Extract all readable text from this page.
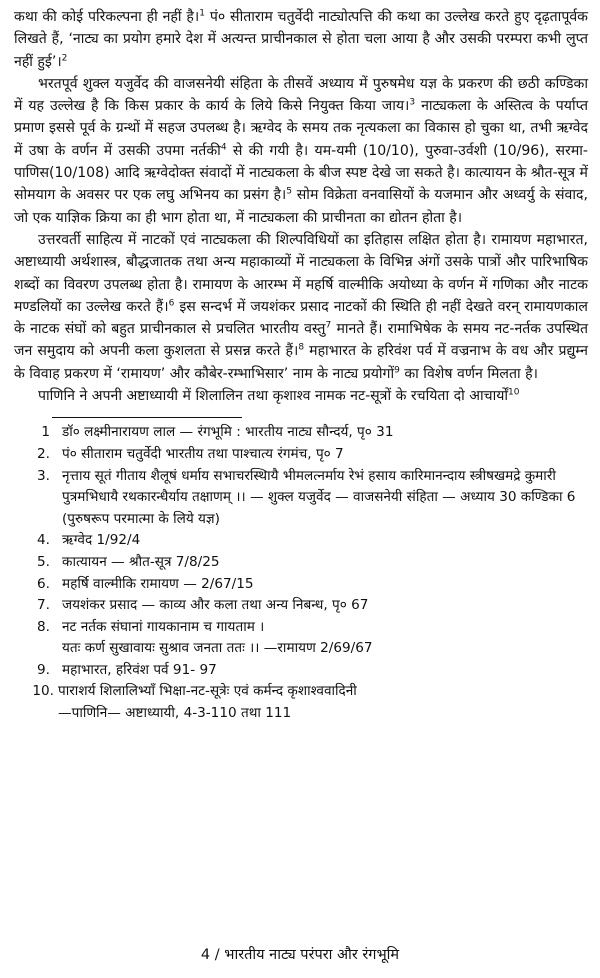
कथा की कोई परिकल्पना ही नहीं है।$^1$ पं० सीताराम चतुर्वेदी नाट्योत्पत्ति की कथा का उल्लेख करते हुए दृढ़तापूर्वक लिखते हैं, ‘नाट्य का प्रयोग हमारे देश में अत्यन्त प्राचीनकाल से होता चला आया है और उसकी परम्परा कभी लुप्त नहीं हुई’।$^2$

भरतपूर्व शुक्ल यजुर्वेद की वाजसनेयी संहिता के तीसवें अध्याय में पुरुषमेध यज्ञ के प्रकरण की छठी कण्डिका में यह उल्लेख है कि किस प्रकार के कार्य के लिये किसे नियुक्त किया जाय।$^3$ नाट्यकला के अस्तित्व के पर्याप्त प्रमाण इससे पूर्व के ग्रन्थों में सहज उपलब्ध है। ऋग्वेद के समय तक नृत्यकला का विकास हो चुका था, तभी ऋग्वेद में उषा के वर्णन में उसकी उपमा नर्तकी$^4$ से की गयी है। यम-यमी (10/10), पुरुवा-उर्वशी (10/96), सरमा-पाणिस(10/108) आदि ऋग्वेदोक्त संवादों में नाट्यकला के बीज स्पष्ट देखे जा सकते है। कात्यायन के श्रौत-सूत्र में सोमयाग के अवसर पर एक लघु अभिनय का प्रसंग है।$^5$ सोम विक्रेता वनवासियों के यजमान और अध्वर्यु के संवाद, जो एक याज्ञिक क्रिया का ही भाग होता था, में नाट्यकला की प्राचीनता का द्योतन होता है।

उत्तरवर्ती साहित्य में नाटकों एवं नाट्यकला की शिल्पविधियों का इतिहास लक्षित होता है। रामायण महाभारत, अष्टाध्यायी अर्थशास्त्र, बौद्धजातक तथा अन्य महाकाव्यों में नाट्यकला के विभिन्न अंगों उसके पात्रों और पारिभाषिक शब्दों का विवरण उपलब्ध होता है। रामायण के आरम्भ में महर्षि वाल्मीकि अयोध्या के वर्णन में गणिका और नाटक मण्डलियों का उल्लेख करते हैं।$^6$ इस सन्दर्भ में जयशंकर प्रसाद नाटकों की स्थिति ही नहीं देखते वरन् रामायणकाल के नाटक संघों को बहुत प्राचीनकाल से प्रचलित भारतीय वस्तु$^7$ मानते हैं। रामाभिषेक के समय नट-नर्तक उपस्थित जन समुदाय को अपनी कला कुशलता से प्रसन्न करते हैं।$^8$ महाभारत के हरिवंश पर्व में वज्रनाभ के वध और प्रद्युम्न के विवाह प्रकरण में ‘रामायण’ और कौबेर-रम्भाभिसार’ नाम के नाट्य प्रयोगों$^9$ का विशेष वर्णन मिलता है।

पाणिनि ने अपनी अष्टाध्यायी में शिलालिन तथा कृशाश्व नामक नट-सूत्रों के रचयिता दो आचार्यों$^{10}$

1 डॉ० लक्ष्मीनारायण लाल — रंगभूमि : भारतीय नाट्य सौन्दर्य, पृ० 31
2. पं० सीताराम चतुर्वेदी भारतीय तथा पाश्चात्य रंगमंच, पृ० 7
3. नृत्ताय सूतं गीताय शैलूषं धर्माय सभाचरस्थिायै भीमलत्नर्माय रेभं हसाय कारिमानन्दाय स्त्रीषखमद्रे कुमारी पुत्रमभिधायै रथकारन्धैर्याय तक्षाणम् ।। — शुक्ल यजुर्वेद — वाजसनेयी संहिता — अध्याय 30 कण्डिका 6 (पुरुषरूप परमात्मा के लिये यज्ञ)
4. ऋग्वेद 1/92/4
5. कात्यायन — श्रौत-सूत्र 7/8/25
6. महर्षि वाल्मीकि रामायण — 2/67/15
7. जयशंकर प्रसाद — काव्य और कला तथा अन्य निबन्ध, पृ० 67
8. नट नर्तक संघानां गायकानाम च गायताम ।
यतः कर्ण सुखावायः सुश्राव जनता ततः ।। —रामायण 2/69/67
9. महाभारत, हरिवंश पर्व 91- 97
10. पाराशर्य शिलालिभ्याँ भिक्षा-नट-सूत्रेः एवं कर्मन्द कृशाश्ववादिनी
—पाणिनि— अष्टाध्यायी, 4-3-110 तथा 111
4 / भारतीय नाट्य परंपरा और रंगभूमि
